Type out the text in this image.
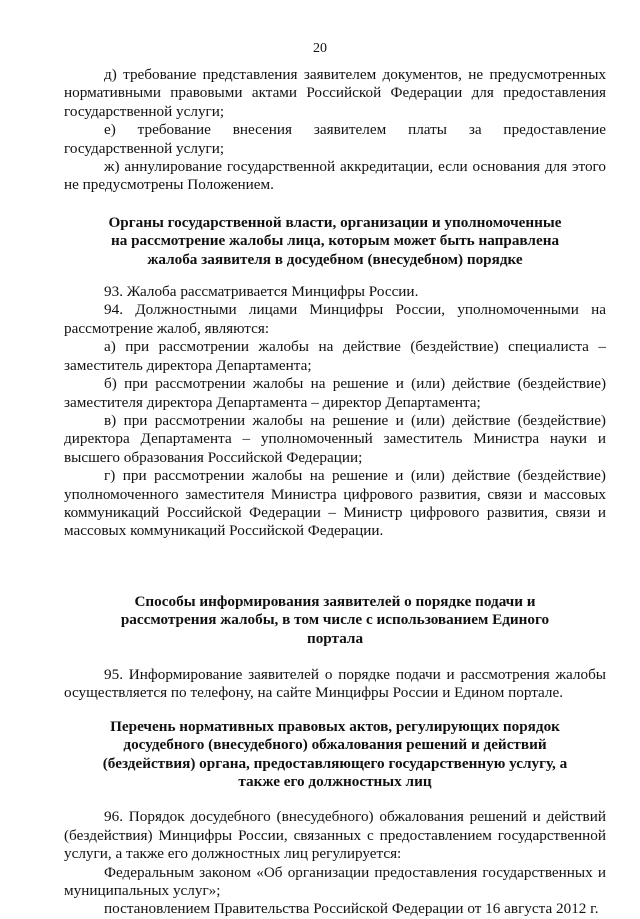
20

д) требование представления заявителем документов, не предусмотренных нормативными правовыми актами Российской Федерации для предоставления государственной услуги;

е) требование внесения заявителем платы за предоставление государственной услуги;

ж) аннулирование государственной аккредитации, если основания для этого не предусмотрены Положением.

Органы государственной власти, организации и уполномоченные на рассмотрение жалобы лица, которым может быть направлена жалоба заявителя в досудебном (внесудебном) порядке

93. Жалоба рассматривается Минцифры России.

94. Должностными лицами Минцифры России, уполномоченными на рассмотрение жалоб, являются:

а) при рассмотрении жалобы на действие (бездействие) специалиста – заместитель директора Департамента;

б) при рассмотрении жалобы на решение и (или) действие (бездействие) заместителя директора Департамента – директор Департамента;

в) при рассмотрении жалобы на решение и (или) действие (бездействие) директора Департамента – уполномоченный заместитель Министра науки и высшего образования Российской Федерации;

г) при рассмотрении жалобы на решение и (или) действие (бездействие) уполномоченного заместителя Министра цифрового развития, связи и массовых коммуникаций Российской Федерации – Министр цифрового развития, связи и массовых коммуникаций Российской Федерации.

Способы информирования заявителей о порядке подачи и рассмотрения жалобы, в том числе с использованием Единого портала

95. Информирование заявителей о порядке подачи и рассмотрения жалобы осуществляется по телефону, на сайте Минцифры России и Едином портале.

Перечень нормативных правовых актов, регулирующих порядок досудебного (внесудебного) обжалования решений и действий (бездействия) органа, предоставляющего государственную услугу, а также его должностных лиц

96. Порядок досудебного (внесудебного) обжалования решений и действий (бездействия) Минцифры России, связанных с предоставлением государственной услуги, а также его должностных лиц регулируется:

Федеральным законом «Об организации предоставления государственных и муниципальных услуг»;

постановлением Правительства Российской Федерации от 16 августа 2012 г.
